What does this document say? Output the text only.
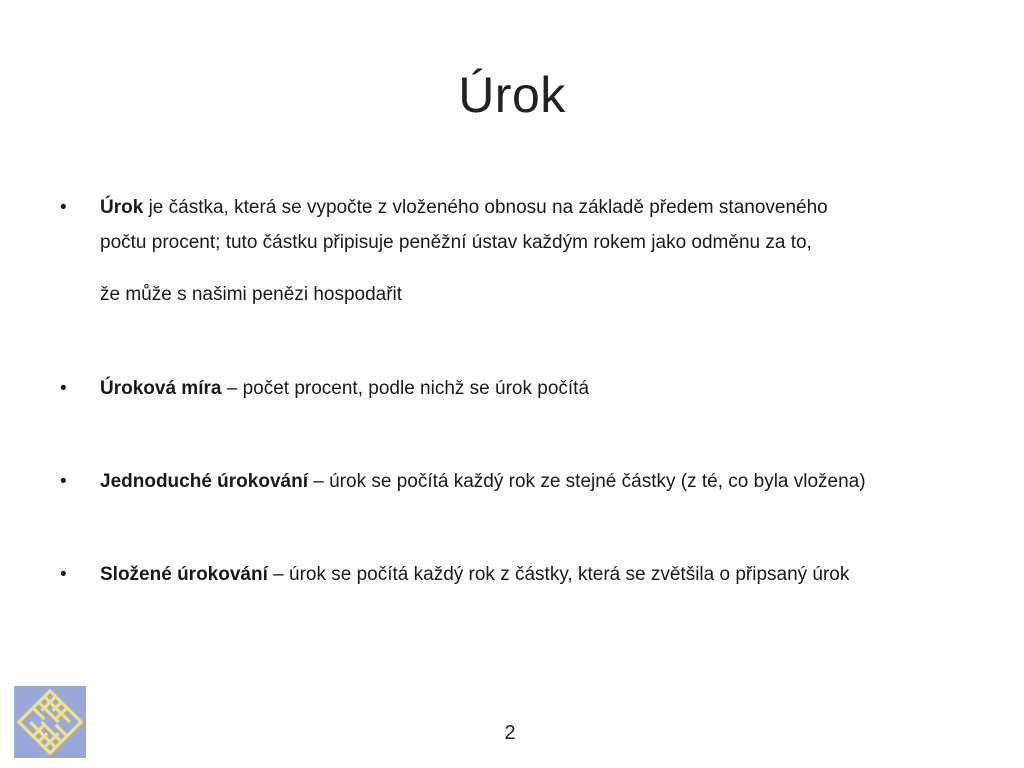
Úrok
•	Úrok je částka, která se vypočte z vloženého obnosu na základě předem stanoveného
počtu procent; tuto částku připisuje peněžní ústav každým rokem jako odměnu za to,
že může s našimi penězi hospodařit
•	Úroková míra – počet procent, podle nichž se úrok počítá
•	Jednoduché úrokování – úrok se počítá každý rok ze stejné částky (z té, co byla vložena)
•	Složené úrokování – úrok se počítá každý rok z částky, která se zvětšila o připsaný úrok
2
